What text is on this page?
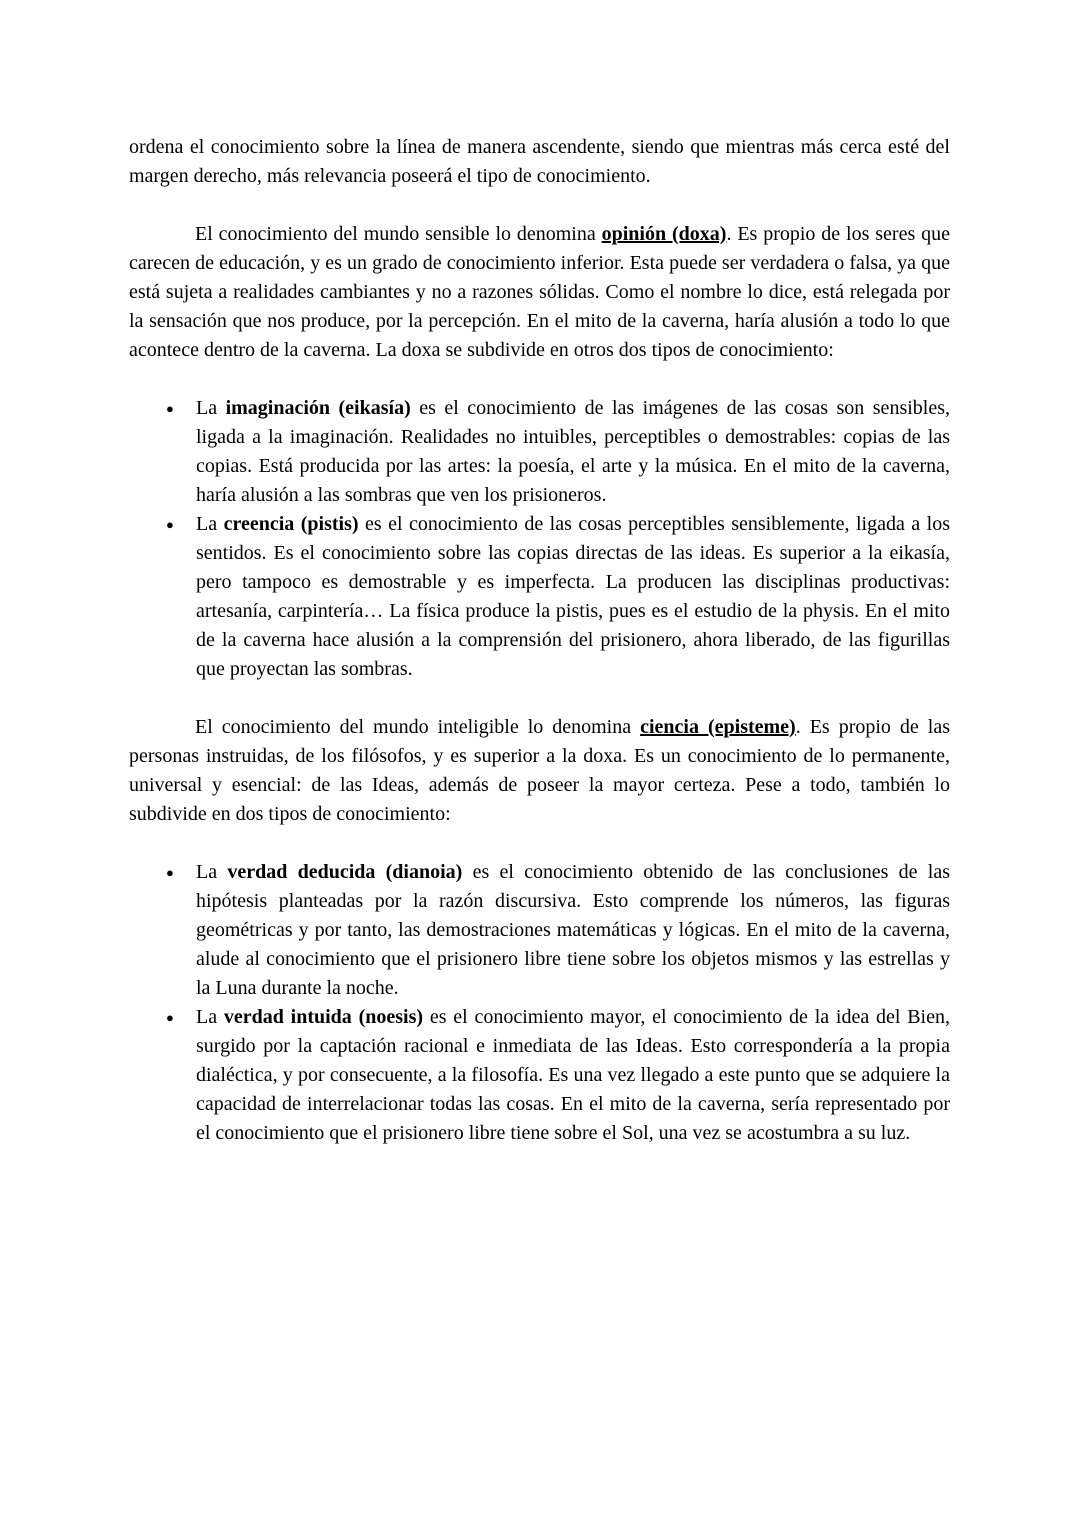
ordena el conocimiento sobre la línea de manera ascendente, siendo que mientras más cerca esté del margen derecho, más relevancia poseerá el tipo de conocimiento.

El conocimiento del mundo sensible lo denomina opinión (doxa). Es propio de los seres que carecen de educación, y es un grado de conocimiento inferior. Esta puede ser verdadera o falsa, ya que está sujeta a realidades cambiantes y no a razones sólidas. Como el nombre lo dice, está relegada por la sensación que nos produce, por la percepción. En el mito de la caverna, haría alusión a todo lo que acontece dentro de la caverna. La doxa se subdivide en otros dos tipos de conocimiento:

● La imaginación (eikasía) es el conocimiento de las imágenes de las cosas son sensibles, ligada a la imaginación. Realidades no intuibles, perceptibles o demostrables: copias de las copias. Está producida por las artes: la poesía, el arte y la música. En el mito de la caverna, haría alusión a las sombras que ven los prisioneros.
● La creencia (pistis) es el conocimiento de las cosas perceptibles sensiblemente, ligada a los sentidos. Es el conocimiento sobre las copias directas de las ideas. Es superior a la eikasía, pero tampoco es demostrable y es imperfecta. La producen las disciplinas productivas: artesanía, carpintería… La física produce la pistis, pues es el estudio de la physis. En el mito de la caverna hace alusión a la comprensión del prisionero, ahora liberado, de las figurillas que proyectan las sombras.

El conocimiento del mundo inteligible lo denomina ciencia (episteme). Es propio de las personas instruidas, de los filósofos, y es superior a la doxa. Es un conocimiento de lo permanente, universal y esencial: de las Ideas, además de poseer la mayor certeza. Pese a todo, también lo subdivide en dos tipos de conocimiento:

● La verdad deducida (dianoia) es el conocimiento obtenido de las conclusiones de las hipótesis planteadas por la razón discursiva. Esto comprende los números, las figuras geométricas y por tanto, las demostraciones matemáticas y lógicas. En el mito de la caverna, alude al conocimiento que el prisionero libre tiene sobre los objetos mismos y las estrellas y la Luna durante la noche.
● La verdad intuida (noesis) es el conocimiento mayor, el conocimiento de la idea del Bien, surgido por la captación racional e inmediata de las Ideas. Esto correspondería a la propia dialéctica, y por consecuente, a la filosofía. Es una vez llegado a este punto que se adquiere la capacidad de interrelacionar todas las cosas. En el mito de la caverna, sería representado por el conocimiento que el prisionero libre tiene sobre el Sol, una vez se acostumbra a su luz.
